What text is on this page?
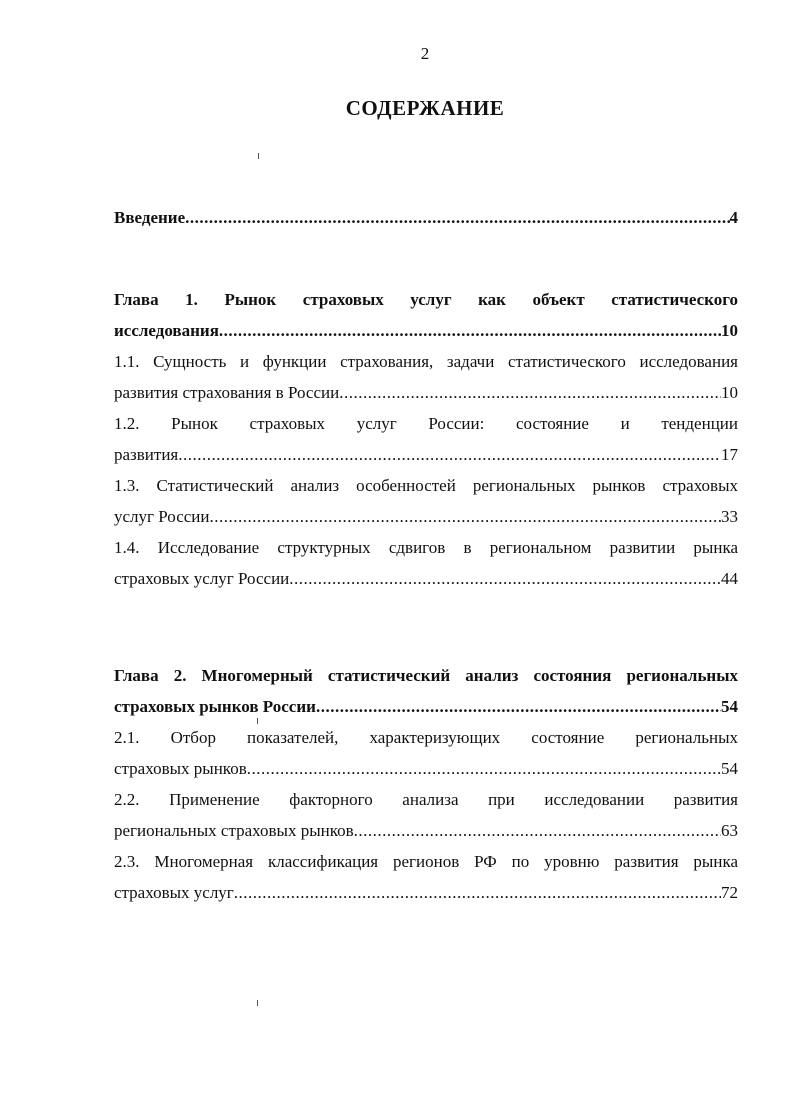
2
СОДЕРЖАНИЕ
Введение .....	4
Глава 1. Рынок страховых услуг как объект статистического
исследования .....	10
1.1. Сущность и функции страхования, задачи статистического исследования
развития страхования в России .....	10
1.2. Рынок страховых услуг России: состояние и тенденции
развития .....	17
1.3. Статистический анализ особенностей региональных рынков страховых
услуг России .....	33
1.4. Исследование структурных сдвигов в региональном развитии рынка
страховых услуг России .....	44
Глава 2. Многомерный статистический анализ состояния региональных
страховых рынков России .....	54
2.1. Отбор показателей, характеризующих состояние региональных
страховых рынков .....	54
2.2. Применение факторного анализа при исследовании развития
региональных страховых рынков .....	63
2.3. Многомерная классификация регионов РФ по уровню развития рынка
страховых услуг .....	72
